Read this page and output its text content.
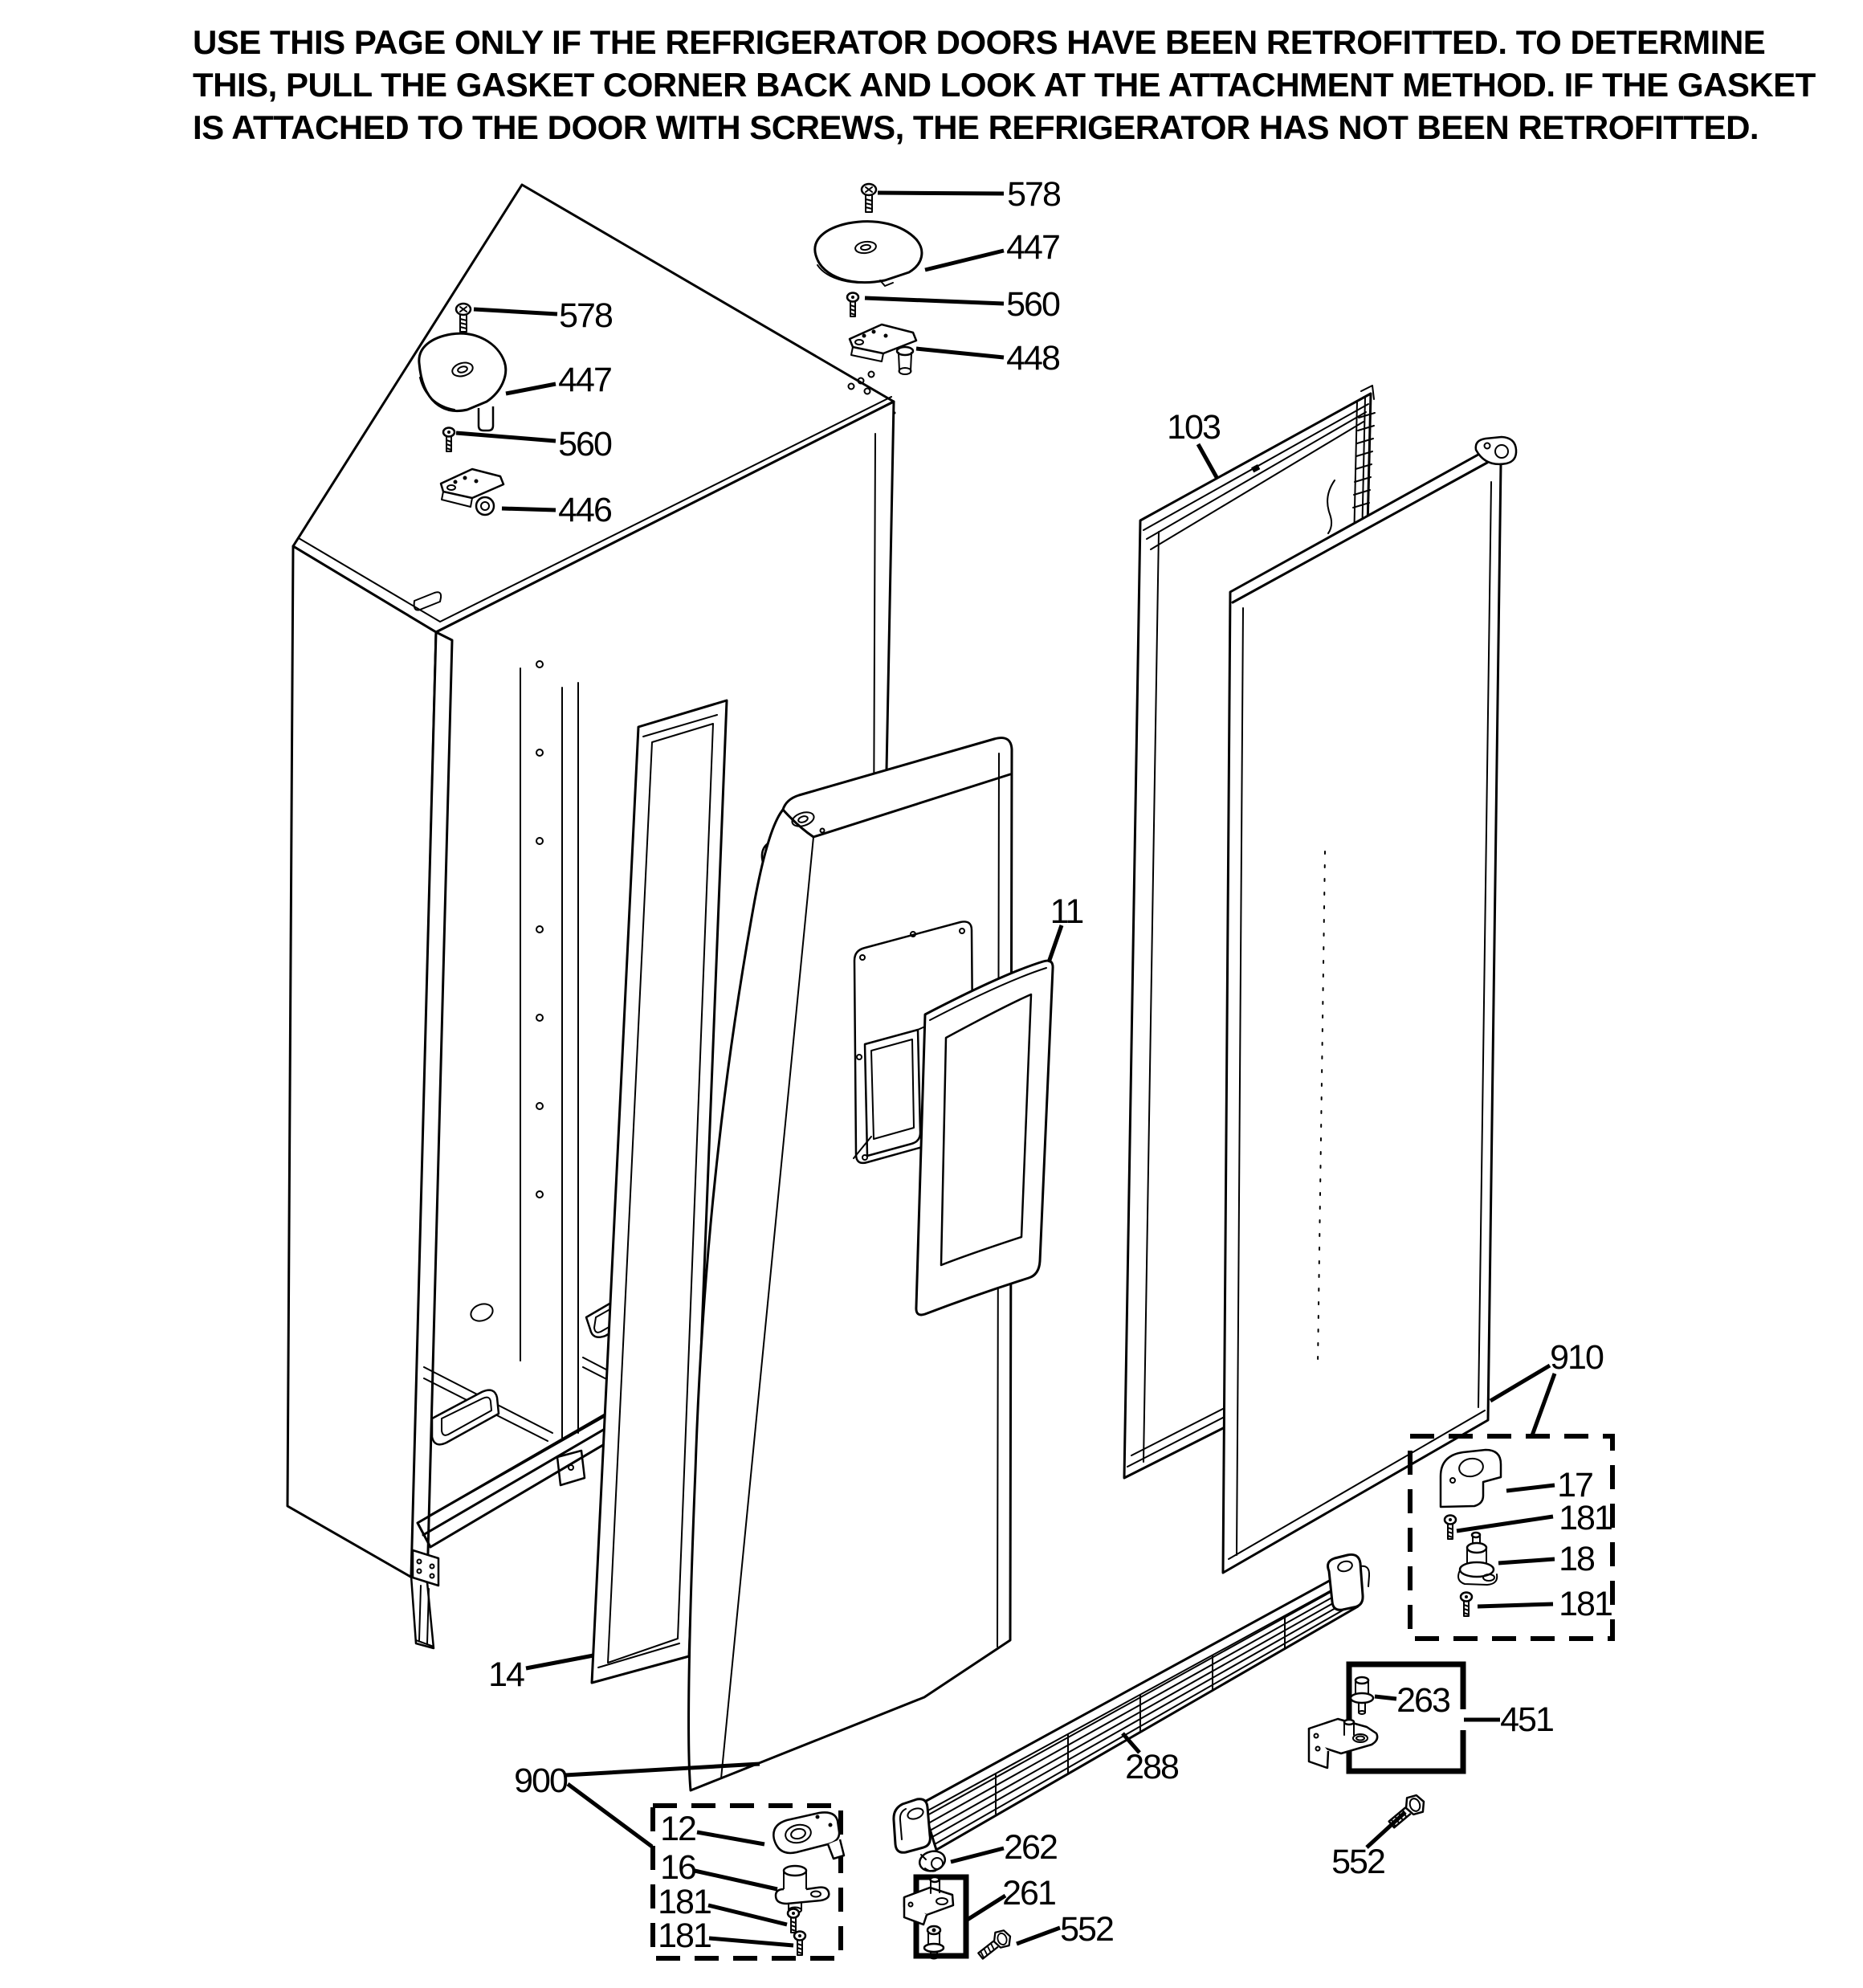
USE THIS PAGE ONLY IF THE REFRIGERATOR DOORS HAVE BEEN RETROFITTED. TO DETERMINE
THIS, PULL THE GASKET CORNER BACK AND LOOK AT THE ATTACHMENT METHOD. IF THE GASKET
IS ATTACHED TO THE DOOR WITH SCREWS, THE REFRIGERATOR HAS NOT BEEN RETROFITTED.
578
447
560
448
578
447
560
446
103
11
910
17
181
18
181
263 451
288
14
900
12
16
181
181
262
261
552
552
